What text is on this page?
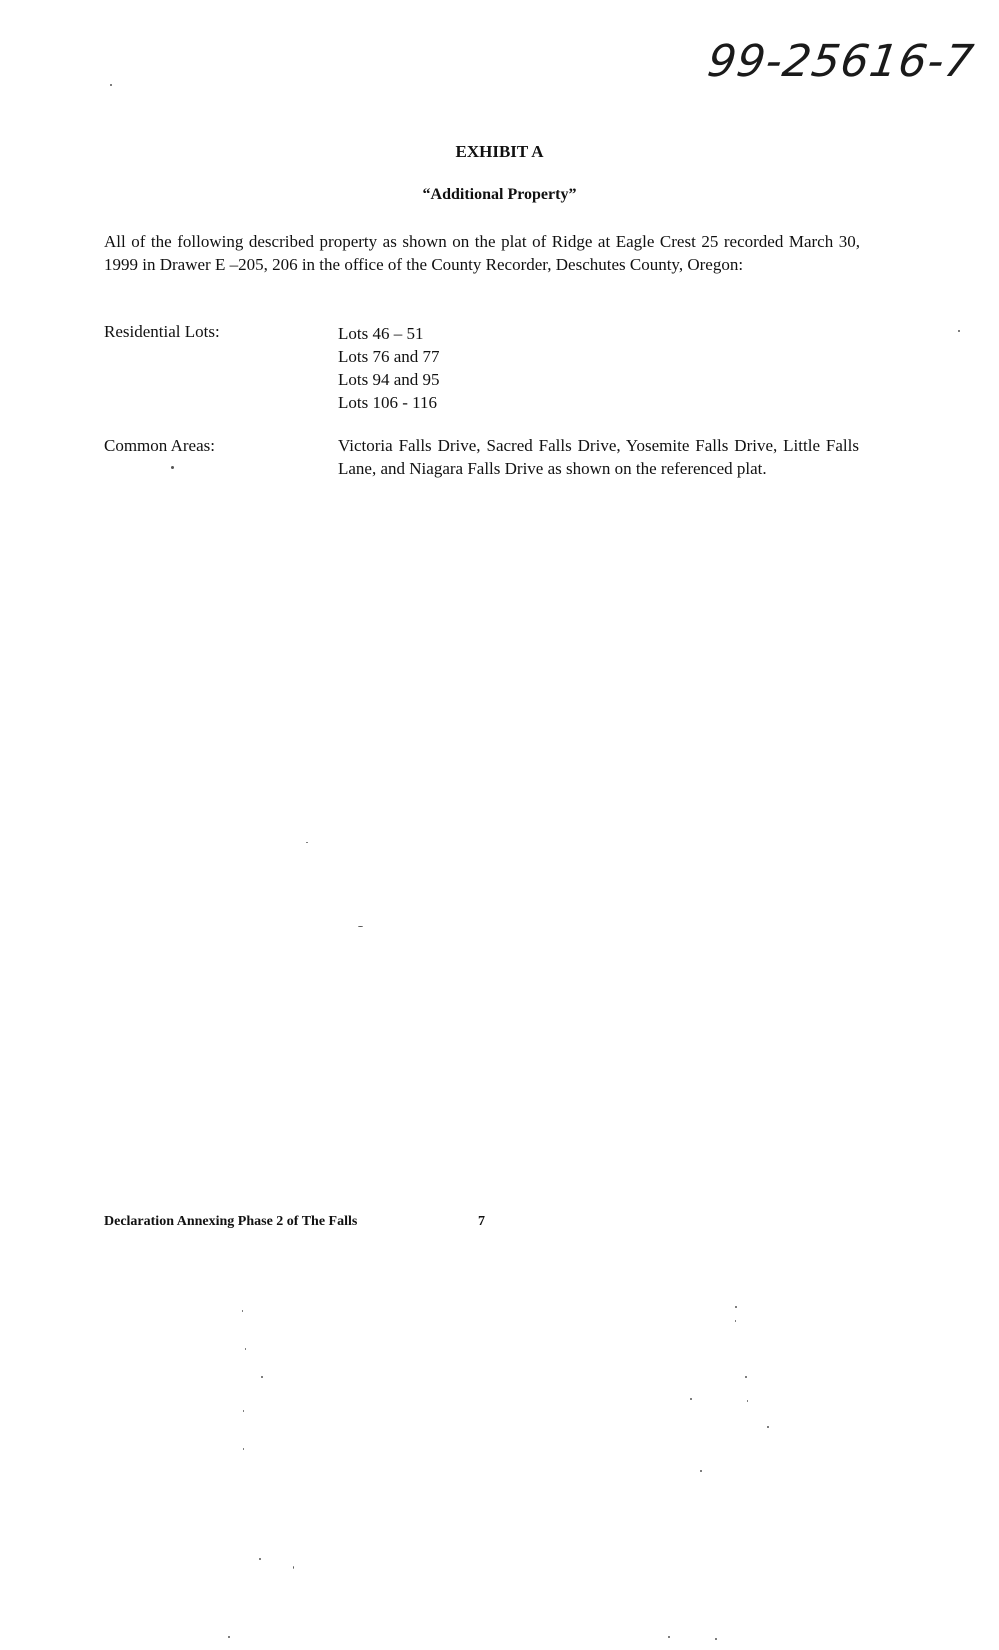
99-25616-7
EXHIBIT A
“Additional Property”
All of the following described property as shown on the plat of Ridge at Eagle Crest 25 recorded March 30, 1999 in Drawer E –205, 206 in the office of the County Recorder, Deschutes County, Oregon:
Residential Lots:	Lots 46 – 51
Lots 76 and 77
Lots 94 and 95
Lots 106 - 116
Common Areas:	Victoria Falls Drive, Sacred Falls Drive, Yosemite Falls Drive, Little Falls Lane, and Niagara Falls Drive as shown on the referenced plat.
Declaration Annexing Phase 2 of The Falls	7
